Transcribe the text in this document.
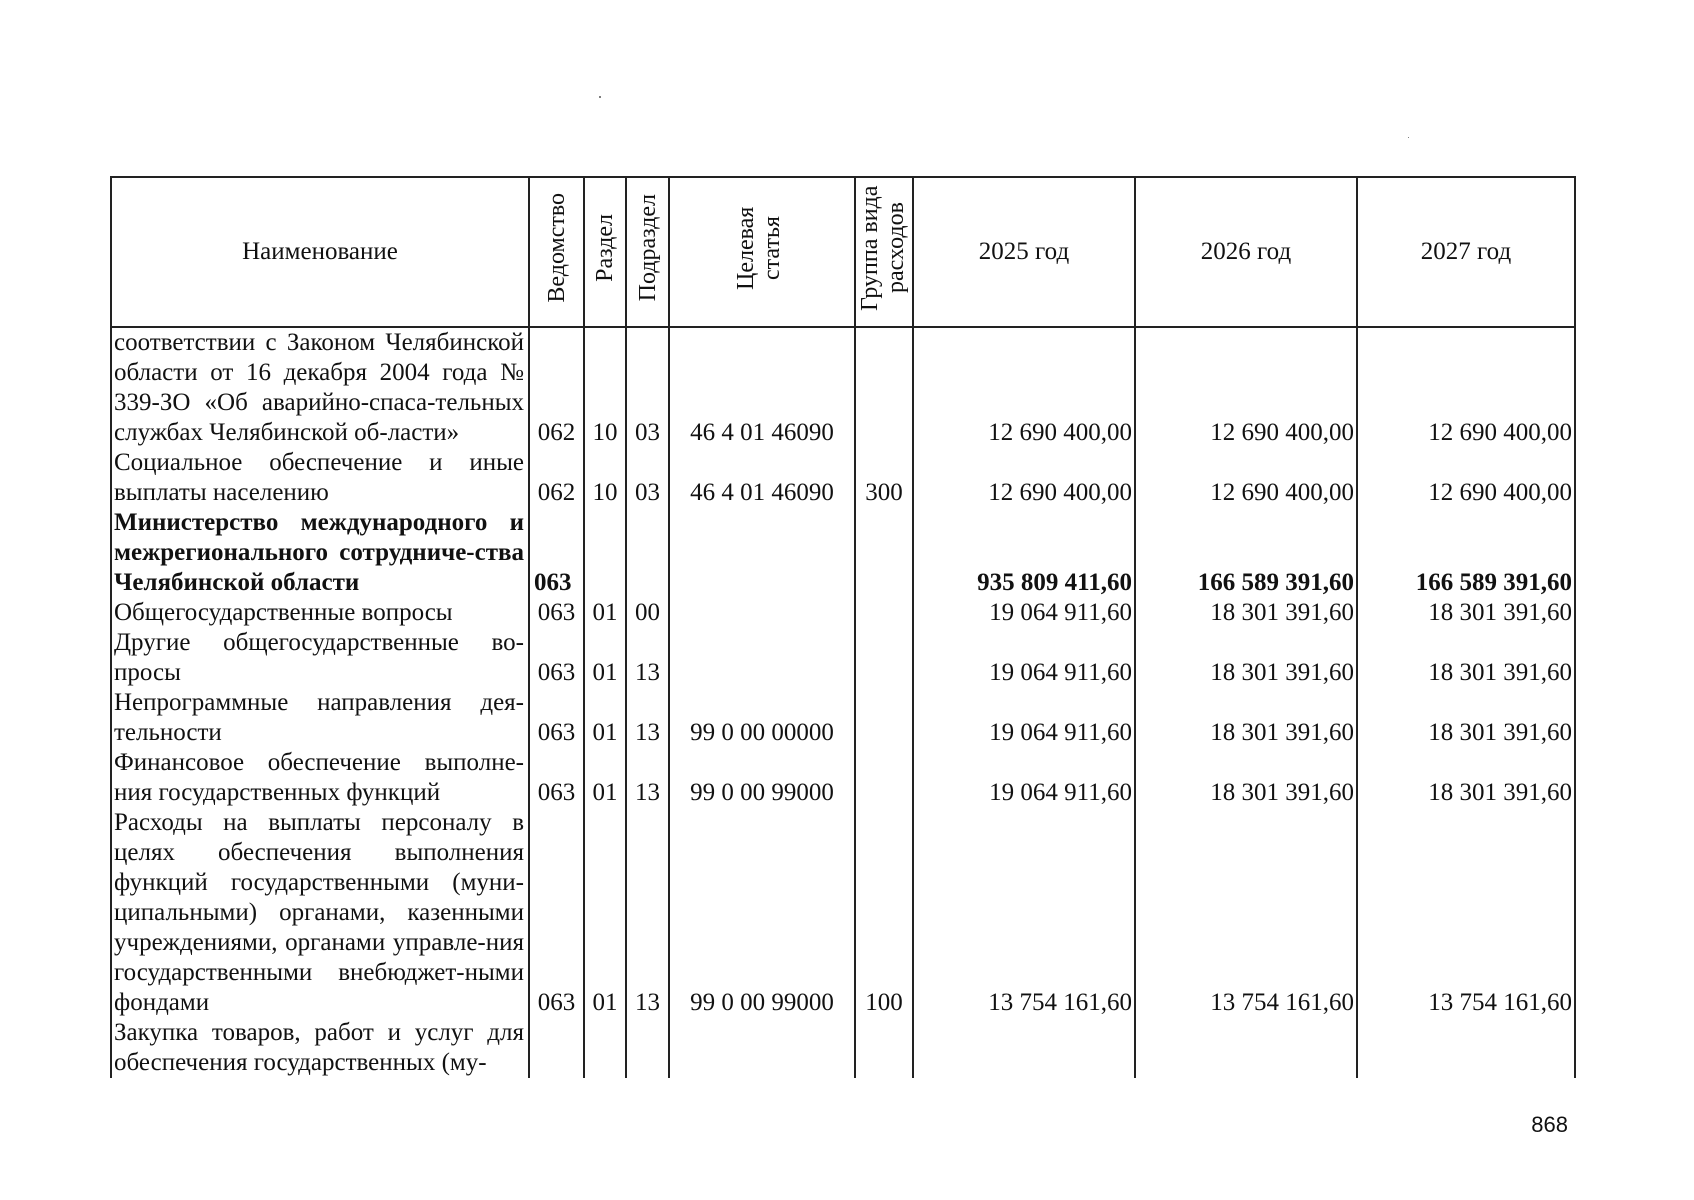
Наименование	Ведомство	Раздел	Подраздел	Целевая статья	Группа вида расходов	2025 год	2026 год	2027 год
соответствии с Законом Челябинской области от 16 декабря 2004 года № 339-ЗО «Об аварийно-спаса-тельных службах Челябинской об-ласти»	062	10	03	46 4 01 46090		12 690 400,00	12 690 400,00	12 690 400,00
Социальное обеспечение и иные выплаты населению	062	10	03	46 4 01 46090	300	12 690 400,00	12 690 400,00	12 690 400,00
Министерство международного и межрегионального сотрудниче-ства Челябинской области	063					935 809 411,60	166 589 391,60	166 589 391,60
Общегосударственные вопросы	063	01	00			19 064 911,60	18 301 391,60	18 301 391,60
Другие общегосударственные во-просы	063	01	13			19 064 911,60	18 301 391,60	18 301 391,60
Непрограммные направления дея-тельности	063	01	13	99 0 00 00000		19 064 911,60	18 301 391,60	18 301 391,60
Финансовое обеспечение выполне-ния государственных функций	063	01	13	99 0 00 99000		19 064 911,60	18 301 391,60	18 301 391,60
Расходы на выплаты персоналу в целях обеспечения выполнения функций государственными (муни-ципальными) органами, казенными учреждениями, органами управле-ния государственными внебюджет-ными фондами	063	01	13	99 0 00 99000	100	13 754 161,60	13 754 161,60	13 754 161,60
Закупка товаров, работ и услуг для обеспечения государственных (му-								
868
